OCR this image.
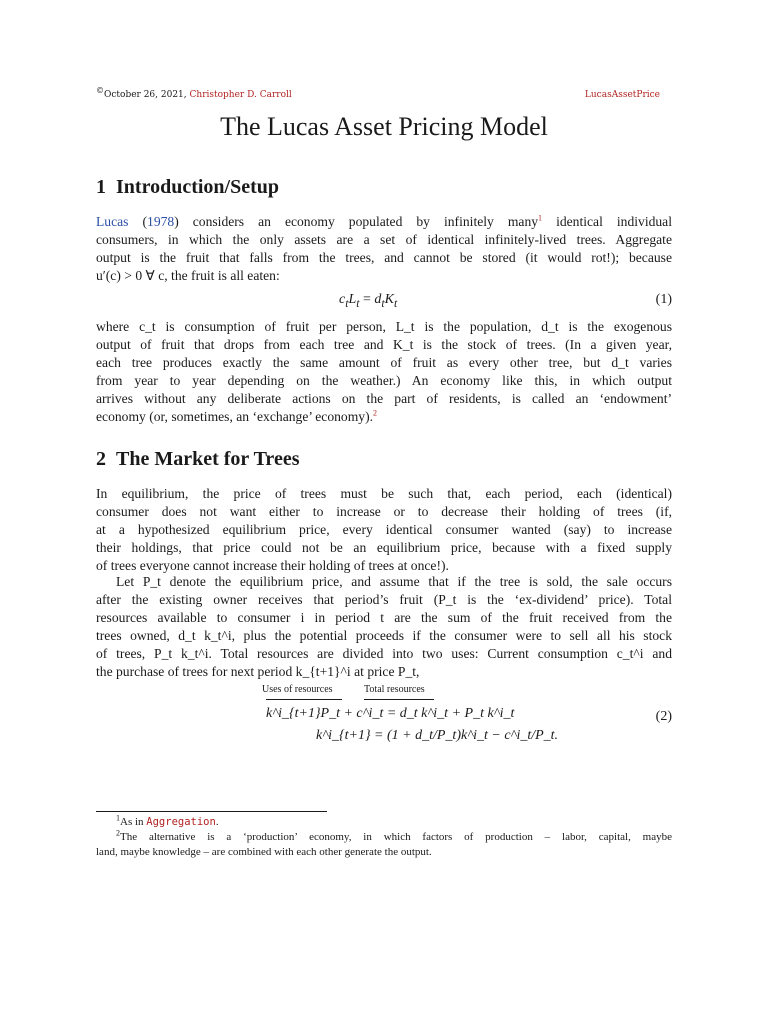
©October 26, 2021, Christopher D. Carroll	LucasAssetPrice
The Lucas Asset Pricing Model
1 Introduction/Setup
Lucas (1978) considers an economy populated by infinitely many$^1$ identical individual
consumers, in which the only assets are a set of identical infinitely-lived trees. Aggregate
output is the fruit that falls from the trees, and cannot be stored (it would rot!); because
u′(c) > 0 ∀ c, the fruit is all eaten:
$c_tL_t = d_tK_t$	(1)
where c_t is consumption of fruit per person, L_t is the population, d_t is the exogenous
output of fruit that drops from each tree and K_t is the stock of trees. (In a given year,
each tree produces exactly the same amount of fruit as every other tree, but d_t varies
from year to year depending on the weather.) An economy like this, in which output
arrives without any deliberate actions on the part of residents, is called an ‘endowment’
economy (or, sometimes, an ‘exchange’ economy).$^2$
2 The Market for Trees
In equilibrium, the price of trees must be such that, each period, each (identical)
consumer does not want either to increase or to decrease their holding of trees (if,
at a hypothesized equilibrium price, every identical consumer wanted (say) to increase
their holdings, that price could not be an equilibrium price, because with a fixed supply
of trees everyone cannot increase their holding of trees at once!).
Let P_t denote the equilibrium price, and assume that if the tree is sold, the sale occurs
after the existing owner receives that period’s fruit (P_t is the ‘ex-dividend’ price). Total
resources available to consumer i in period t are the sum of the fruit received from the
trees owned, d_t k_t^i, plus the potential proceeds if the consumer were to sell all his stock
of trees, P_t k_t^i. Total resources are divided into two uses: Current consumption c_t^i and
the purchase of trees for next period k_{t+1}^i at price P_t,
Uses of resources	Total resources
k^i_{t+1}P_t + c^i_t = d_t k^i_t + P_t k^i_t
k^i_{t+1} = (1 + d_t/P_t)k^i_t − c^i_t/P_t.
(2)
$^1$As in Aggregation.
$^2$The alternative is a ‘production’ economy, in which factors of production – labor, capital, maybe
land, maybe knowledge – are combined with each other generate the output.
